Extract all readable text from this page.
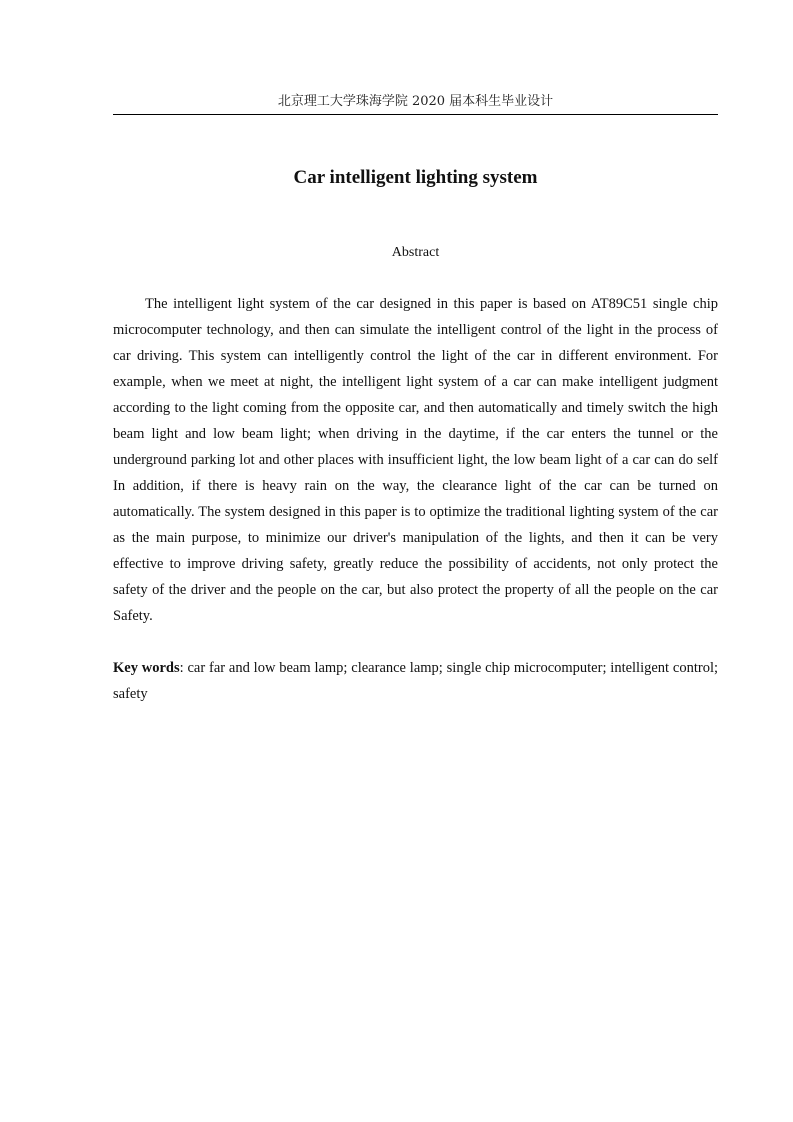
北京理工大学珠海学院 2020 届本科生毕业设计
Car intelligent lighting system
Abstract

The intelligent light system of the car designed in this paper is based on AT89C51 single chip microcomputer technology, and then can simulate the intelligent control of the light in the process of car driving. This system can intelligently control the light of the car in different environment. For example, when we meet at night, the intelligent light system of a car can make intelligent judgment according to the light coming from the opposite car, and then automatically and timely switch the high beam light and low beam light; when driving in the daytime, if the car enters the tunnel or the underground parking lot and other places with insufficient light, the low beam light of a car can do self In addition, if there is heavy rain on the way, the clearance light of the car can be turned on automatically. The system designed in this paper is to optimize the traditional lighting system of the car as the main purpose, to minimize our driver's manipulation of the lights, and then it can be very effective to improve driving safety, greatly reduce the possibility of accidents, not only protect the safety of the driver and the people on the car, but also protect the property of all the people on the car Safety.

Key words: car far and low beam lamp; clearance lamp; single chip microcomputer; intelligent control; safety
